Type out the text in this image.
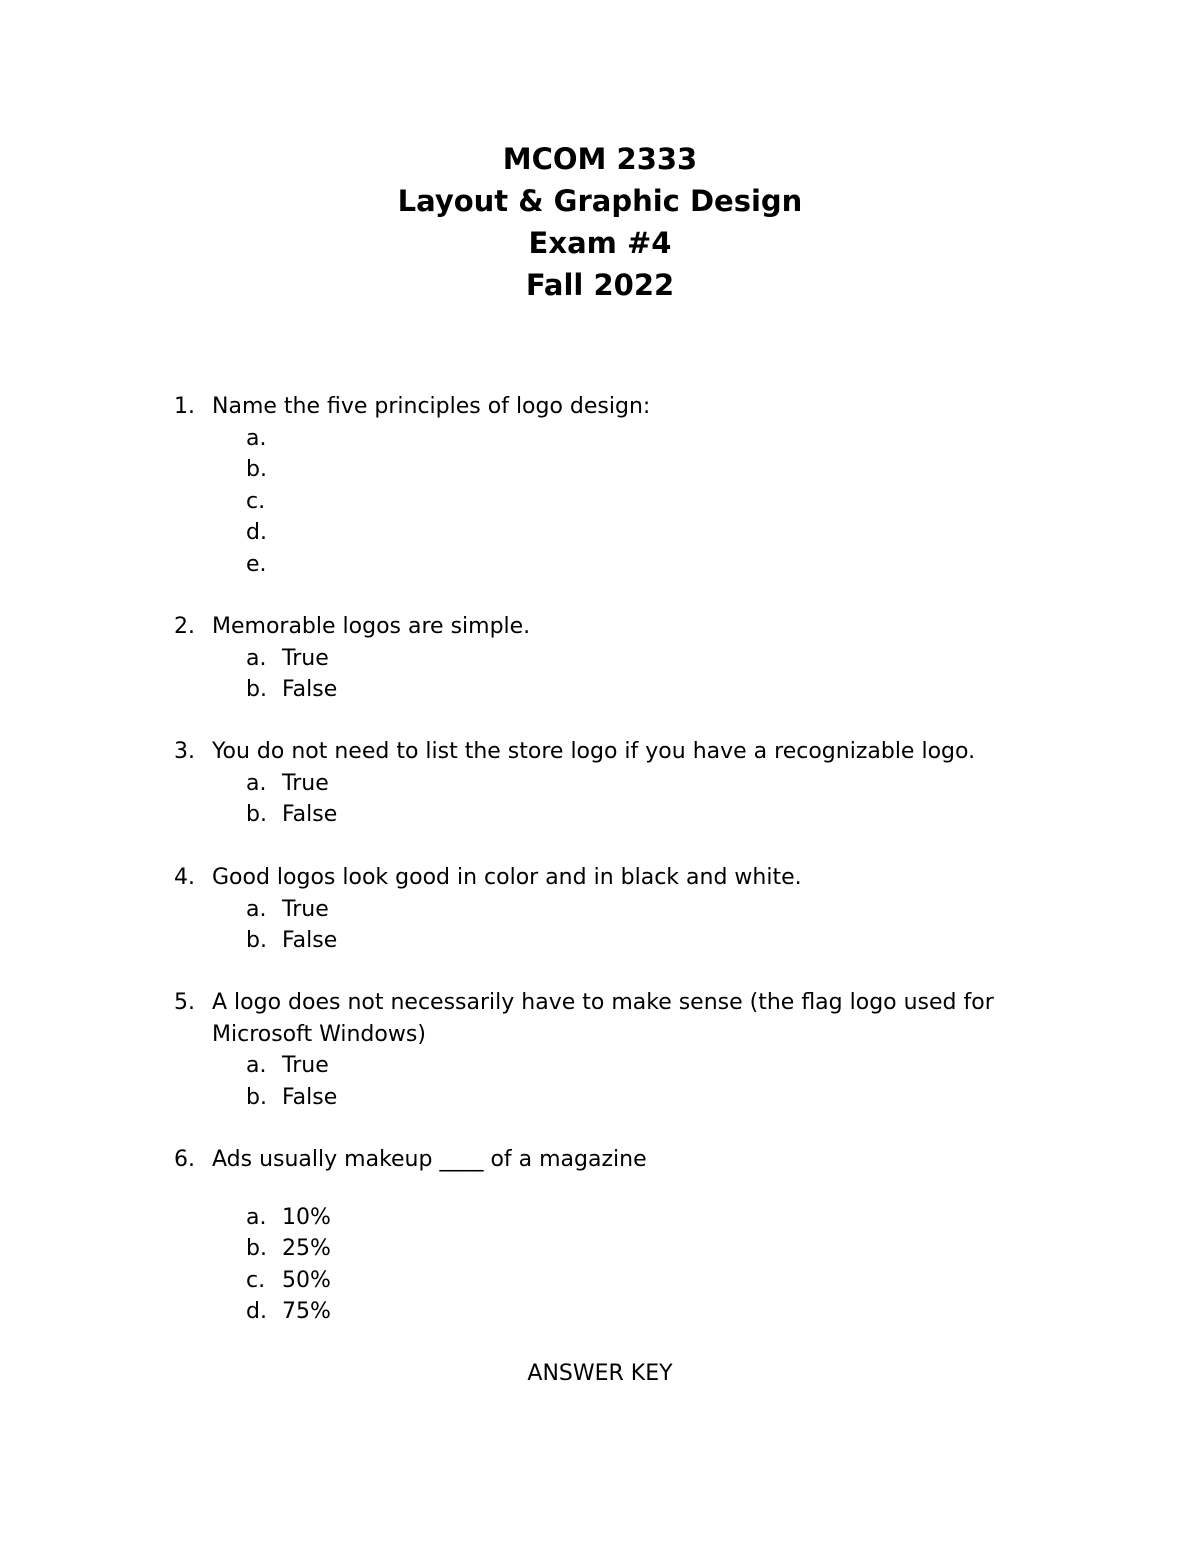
MCOM 2333
Layout & Graphic Design
Exam #4
Fall 2022
1. Name the five principles of logo design:
a.
b.
c.
d.
e.
2. Memorable logos are simple.
a. True
b. False
3. You do not need to list the store logo if you have a recognizable logo.
a. True
b. False
4. Good logos look good in color and in black and white.
a. True
b. False
5. A logo does not necessarily have to make sense (the flag logo used for Microsoft Windows)
a. True
b. False
6. Ads usually makeup ____ of a magazine
a. 10%
b. 25%
c. 50%
d. 75%
ANSWER KEY
